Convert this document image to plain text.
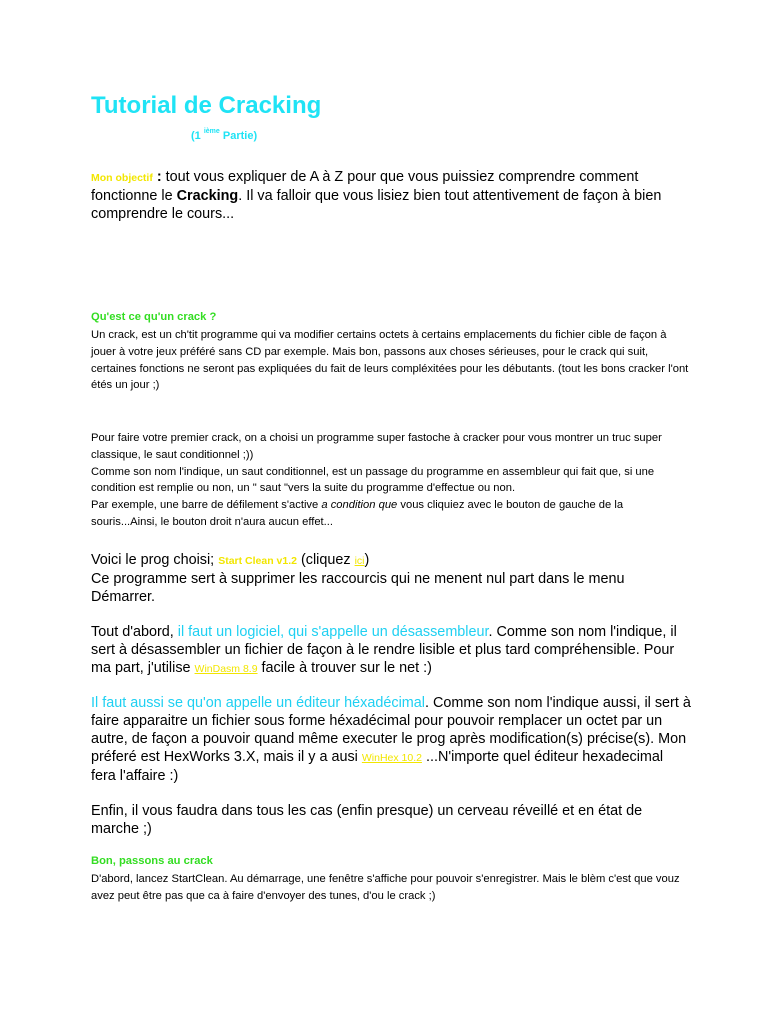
Tutorial de Cracking
(1 $^{ième}$ Partie)

Mon objectif : tout vous expliquer de A à Z pour que vous puissiez comprendre comment fonctionne le Cracking. Il va falloir que vous lisiez bien tout attentivement de façon à bien comprendre le cours...

Qu'est ce qu'un crack ?

Un crack, est un ch'tit programme qui va modifier certains octets à certains emplacements du fichier cible de façon à jouer à votre jeux préféré sans CD par exemple. Mais bon, passons aux choses sérieuses, pour le crack qui suit, certaines fonctions ne seront pas expliquées du fait de leurs compléxitées pour les débutants. (tout les bons cracker l'ont étés un jour ;)

Pour faire votre premier crack, on a choisi un programme super fastoche à cracker pour vous montrer un truc super classique, le saut conditionnel ;))
Comme son nom l'indique, un saut conditionnel, est un passage du programme en assembleur qui fait que, si une condition est remplie ou non, un " saut "vers la suite du programme d'effectue ou non.
Par exemple, une barre de défilement s'active a condition que vous cliquiez avec le bouton de gauche de la souris...Ainsi, le bouton droit n'aura aucun effet...
Voici le prog choisi; Start Clean v1.2 (cliquez ici)
Ce programme sert à supprimer les raccourcis qui ne menent nul part dans le menu Démarrer.

Tout d'abord, il faut un logiciel, qui s'appelle un désassembleur. Comme son nom l'indique, il sert à désassembler un fichier de façon à le rendre lisible et plus tard compréhensible. Pour ma part, j'utilise WinDasm 8.9 facile à trouver sur le net :)

Il faut aussi se qu'on appelle un éditeur héxadécimal. Comme son nom l'indique aussi, il sert à faire apparaitre un fichier sous forme héxadécimal pour pouvoir remplacer un octet par un autre, de façon a pouvoir quand même executer le prog après modification(s) précise(s). Mon préferé est HexWorks 3.X, mais il y a ausi WinHex 10.2 ...N'importe quel éditeur hexadecimal fera l'affaire :)

Enfin, il vous faudra dans tous les cas (enfin presque) un cerveau réveillé et en état de marche ;)

Bon, passons au crack

D'abord, lancez StartClean. Au démarrage, une fenêtre s'affiche pour pouvoir s'enregistrer. Mais le blèm c'est que vouz avez peut être pas que ca à faire d'envoyer des tunes, d'ou le crack ;)
